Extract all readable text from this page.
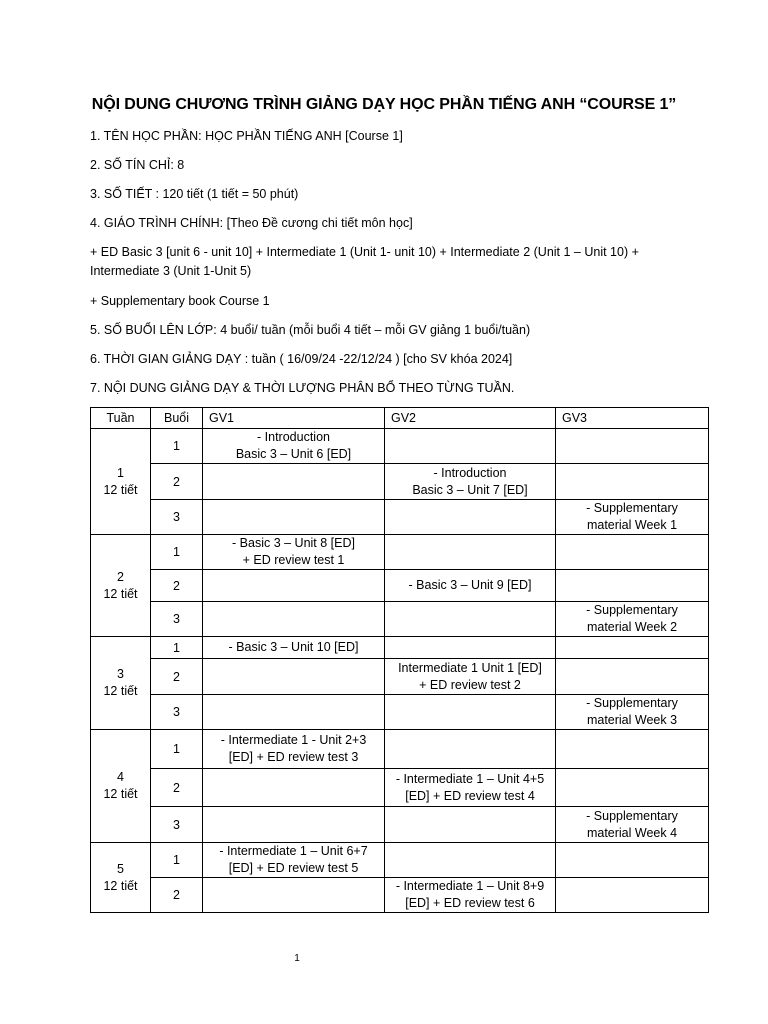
NỘI DUNG CHƯƠNG TRÌNH GIẢNG DẠY HỌC PHẦN TIẾNG ANH “COURSE 1”
1. TÊN HỌC PHẦN: HỌC PHẦN TIẾNG ANH [Course 1]
2. SỐ TÍN CHỈ: 8
3. SỐ TIẾT : 120 tiết (1 tiết = 50 phút)
4. GIÁO TRÌNH CHÍNH: [Theo Đề cương chi tiết môn học]
+ ED Basic 3 [unit 6 - unit 10] + Intermediate 1 (Unit 1- unit 10) + Intermediate 2 (Unit 1 – Unit 10) +
Intermediate 3 (Unit 1-Unit 5)
+ Supplementary book Course 1
5. SỐ BUỔI LÊN LỚP: 4 buổi/ tuần (mỗi buổi 4 tiết – mỗi GV giảng 1 buổi/tuần)
6. THỜI GIAN GIẢNG DẠY : tuần ( 16/09/24 -22/12/24 ) [cho SV khóa 2024]
7. NỘI DUNG GIẢNG DẠY & THỜI LƯỢNG PHÂN BỔ THEO TỪNG TUẦN.
Tuần	Buổi	GV1	GV2	GV3

1
12 tiết	1	- Introduction
Basic 3 – Unit 6 [ED]		

	2		- Introduction
Basic 3 – Unit 7 [ED]	

	3			- Supplementary
material Week 1

2
12 tiết	1	- Basic 3 – Unit 8 [ED]
+ ED review test 1		

	2		- Basic 3 – Unit 9 [ED]	

	3			- Supplementary
material Week 2

3
12 tiết	1	- Basic 3 – Unit 10 [ED]		

	2		Intermediate 1 Unit 1 [ED]
+ ED review test 2	

	3			- Supplementary
material Week 3

4
12 tiết	1	- Intermediate 1 - Unit 2+3
[ED] + ED review test 3		

	2		- Intermediate 1 – Unit 4+5
[ED] + ED review test 4	

	3			- Supplementary
material Week 4

5
12 tiết	1	- Intermediate 1 – Unit 6+7
[ED] + ED review test 5		

	2		- Intermediate 1 – Unit 8+9
[ED] + ED review test 6	

1
